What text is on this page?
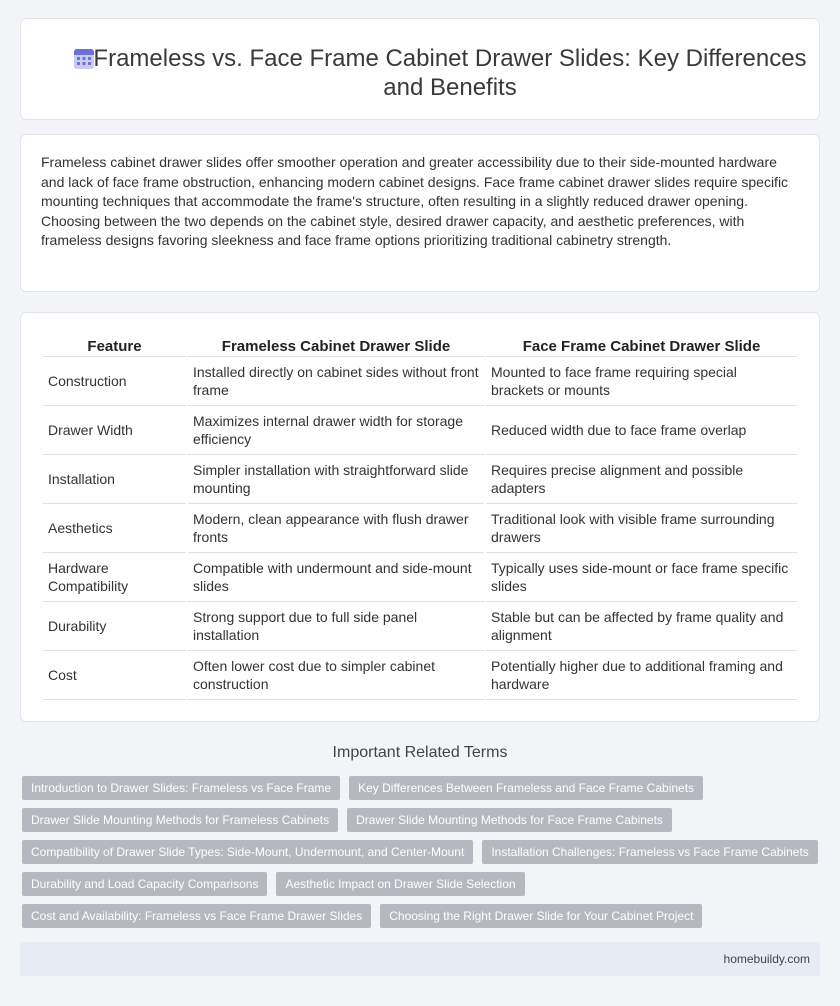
Frameless vs. Face Frame Cabinet Drawer Slides: Key Differences and Benefits

Frameless cabinet drawer slides offer smoother operation and greater accessibility due to their side-mounted hardware and lack of face frame obstruction, enhancing modern cabinet designs. Face frame cabinet drawer slides require specific mounting techniques that accommodate the frame's structure, often resulting in a slightly reduced drawer opening. Choosing between the two depends on the cabinet style, desired drawer capacity, and aesthetic preferences, with frameless designs favoring sleekness and face frame options prioritizing traditional cabinetry strength.

Feature	Frameless Cabinet Drawer Slide	Face Frame Cabinet Drawer Slide
Construction	Installed directly on cabinet sides without front frame	Mounted to face frame requiring special brackets or mounts
Drawer Width	Maximizes internal drawer width for storage efficiency	Reduced width due to face frame overlap
Installation	Simpler installation with straightforward slide mounting	Requires precise alignment and possible adapters
Aesthetics	Modern, clean appearance with flush drawer fronts	Traditional look with visible frame surrounding drawers
Hardware Compatibility	Compatible with undermount and side-mount slides	Typically uses side-mount or face frame specific slides
Durability	Strong support due to full side panel installation	Stable but can be affected by frame quality and alignment
Cost	Often lower cost due to simpler cabinet construction	Potentially higher due to additional framing and hardware
Important Related Terms
Introduction to Drawer Slides: Frameless vs Face Frame	Key Differences Between Frameless and Face Frame Cabinets
Drawer Slide Mounting Methods for Frameless Cabinets	Drawer Slide Mounting Methods for Face Frame Cabinets
Compatibility of Drawer Slide Types: Side-Mount, Undermount, and Center-Mount	Installation Challenges: Frameless vs Face Frame Cabinets
Durability and Load Capacity Comparisons	Aesthetic Impact on Drawer Slide Selection
Cost and Availability: Frameless vs Face Frame Drawer Slides	Choosing the Right Drawer Slide for Your Cabinet Project
homebuildy.com
